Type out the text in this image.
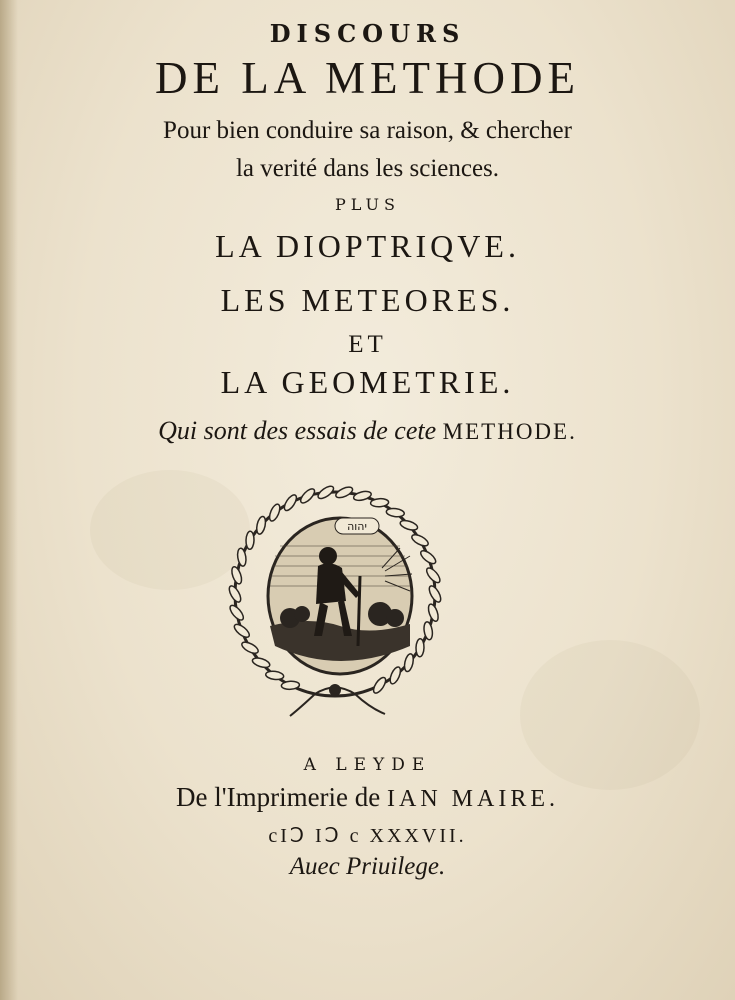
DISCOURS
DE LA METHODE
Pour bien conduire sa raison, & chercher
la verité dans les sciences.
PLUS
LA DIOPTRIQVE.
LES METEORES.
ET
LA GEOMETRIE.
Qui sont des essais de cete METHODE.
יהוה
A LEYDE
De l'Imprimerie de IAN MAIRE.
cIↃ IↃ c XXXVII.
Auec Priuilege.
